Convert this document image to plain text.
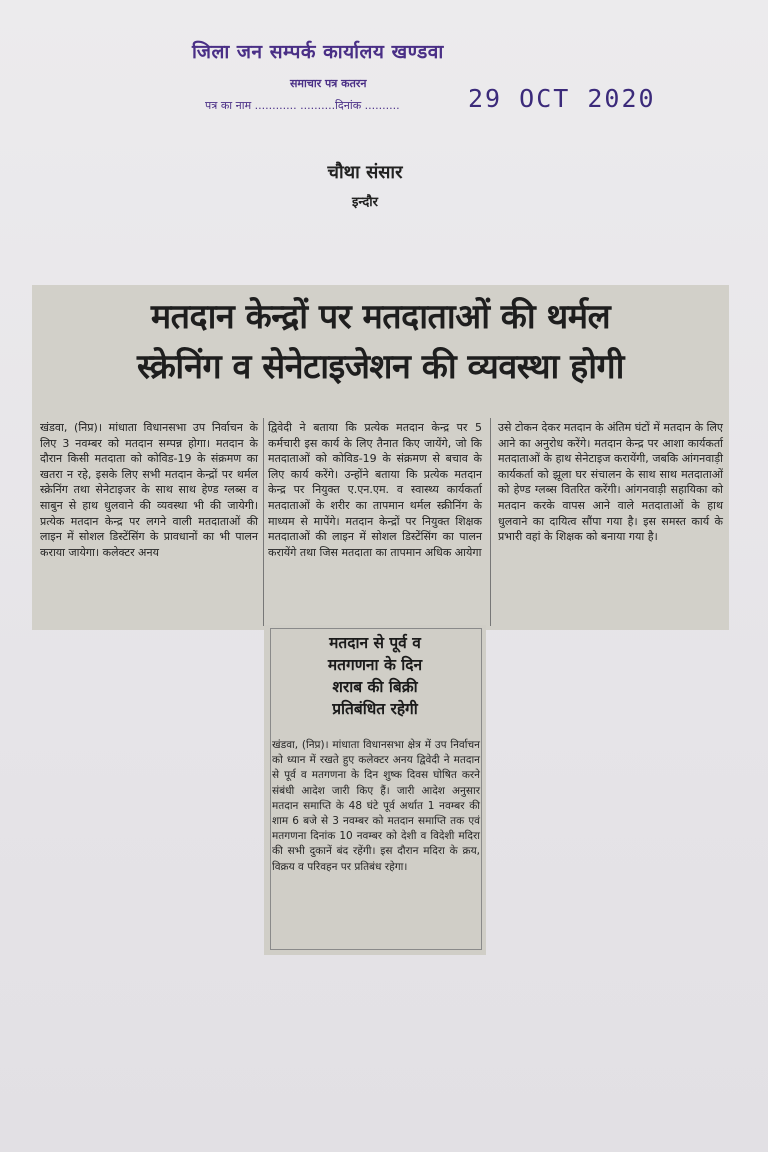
जिला जन सम्पर्क कार्यालय खण्डवा
समाचार पत्र कतरन
पत्र का नाम ............ ..........दिनांक ..........	29 OCT 2020
चौथा संसार
इन्दौर
मतदान केन्द्रों पर मतदाताओं की थर्मल
स्क्रेनिंग व सेनेटाइजेशन की व्यवस्था होगी
खंडवा, (निप्र)। मांधाता विधानसभा उप निर्वाचन के लिए 3 नवम्बर को मतदान सम्पन्न होगा। मतदान के दौरान किसी मतदाता को कोविड-19 के संक्रमण का खतरा न रहे, इसके लिए सभी मतदान केन्द्रों पर थर्मल स्क्रेनिंग तथा सेनेटाइजर के साथ साथ हेण्ड ग्लब्स व साबुन से हाथ धुलवाने की व्यवस्था भी की जायेगी। प्रत्येक मतदान केन्द्र पर लगने वाली मतदाताओं की लाइन में सोशल डिस्टेंसिंग के प्रावधानों का भी पालन कराया जायेगा। कलेक्टर अनय
द्विवेदी ने बताया कि प्रत्येक मतदान केन्द्र पर 5 कर्मचारी इस कार्य के लिए तैनात किए जायेंगे, जो कि मतदाताओं को कोविड-19 के संक्रमण से बचाव के लिए कार्य करेंगे। उन्होंने बताया कि प्रत्येक मतदान केन्द्र पर नियुक्त ए.एन.एम. व स्वास्थ्य कार्यकर्ता मतदाताओं के शरीर का तापमान थर्मल स्क्रीनिंग के माध्यम से मापेंगे। मतदान केन्द्रों पर नियुक्त शिक्षक मतदाताओं की लाइन में सोशल डिस्टेंसिंग का पालन करायेंगे तथा जिस मतदाता का तापमान अधिक आयेगा
उसे टोकन देकर मतदान के अंतिम घंटों में मतदान के लिए आने का अनुरोध करेंगे। मतदान केन्द्र पर आशा कार्यकर्ता मतदाताओं के हाथ सेनेटाइज करायेंगी, जबकि आंगनवाड़ी कार्यकर्ता को झूला घर संचालन के साथ साथ मतदाताओं को हेण्ड ग्लब्स वितरित करेंगी। आंगनवाड़ी सहायिका को मतदान करके वापस आने वाले मतदाताओं के हाथ धुलवाने का दायित्व सौंपा गया है। इस समस्त कार्य के प्रभारी वहां के शिक्षक को बनाया गया है।
मतदान से पूर्व व
मतगणना के दिन
शराब की बिक्री
प्रतिबंधित रहेगी
खंडवा, (निप्र)। मांधाता विधानसभा क्षेत्र में उप निर्वाचन को ध्यान में रखते हुए कलेक्टर अनय द्विवेदी ने मतदान से पूर्व व मतगणना के दिन शुष्क दिवस घोषित करने संबंधी आदेश जारी किए हैं। जारी आदेश अनुसार मतदान समाप्ति के 48 घंटे पूर्व अर्थात 1 नवम्बर की शाम 6 बजे से 3 नवम्बर को मतदान समाप्ति तक एवं मतगणना दिनांक 10 नवम्बर को देशी व विदेशी मदिरा की सभी दुकानें बंद रहेंगी। इस दौरान मदिरा के क्रय, विक्रय व परिवहन पर प्रतिबंध रहेगा।
